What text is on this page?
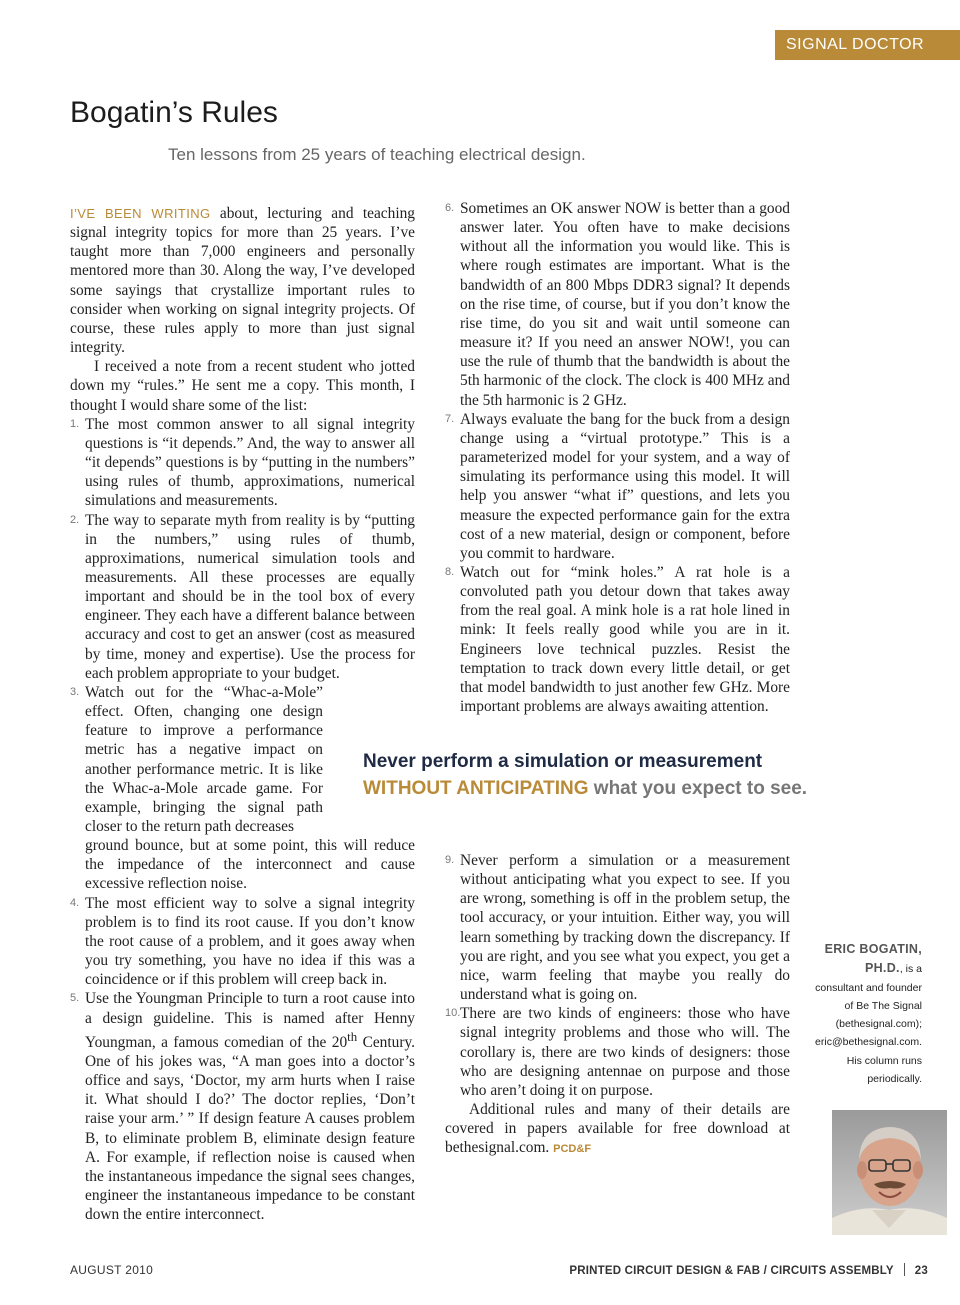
SIGNAL DOCTOR
Bogatin’s Rules
Ten lessons from 25 years of teaching electrical design.

I’VE BEEN WRITING about, lecturing and teaching signal integrity topics for more than 25 years. I’ve taught more than 7,000 engineers and personally mentored more than 30. Along the way, I’ve developed some sayings that crystallize important rules to consider when working on signal integrity projects. Of course, these rules apply to more than just signal integrity.

I received a note from a recent student who jotted down my “rules.” He sent me a copy. This month, I thought I would share some of the list:

1. The most common answer to all signal integrity questions is “it depends.” And, the way to answer all “it depends” questions is by “putting in the numbers” using rules of thumb, approximations, numerical simulations and measurements.
2. The way to separate myth from reality is by “putting in the numbers,” using rules of thumb, approximations, numerical simulation tools and measurements. All these processes are equally important and should be in the tool box of every engineer. They each have a different balance between accuracy and cost to get an answer (cost as measured by time, money and expertise). Use the process for each problem appropriate to your budget.
3. Watch out for the “Whac-a-Mole” effect. Often, changing one design feature to improve a performance metric has a negative impact on another performance metric. It is like the Whac-a-Mole arcade game. For example, bringing the signal path closer to the return path decreases
ground bounce, but at some point, this will reduce the impedance of the interconnect and cause excessive reflection noise.
4. The most efficient way to solve a signal integrity problem is to find its root cause. If you don’t know the root cause of a problem, and it goes away when you try something, you have no idea if this was a coincidence or if this problem will creep back in.
5. Use the Youngman Principle to turn a root cause into a design guideline. This is named after Henny Youngman, a famous comedian of the 20th Century. One of his jokes was, “A man goes into a doctor’s office and says, ‘Doctor, my arm hurts when I raise it. What should I do?’ The doctor replies, ‘Don’t raise your arm.’ ” If design feature A causes problem B, to eliminate problem B, eliminate design feature A. For example, if reflection noise is caused when the instantaneous impedance the signal sees changes, engineer the instantaneous impedance to be constant down the entire interconnect.
6. Sometimes an OK answer NOW is better than a good answer later. You often have to make decisions without all the information you would like. This is where rough estimates are important. What is the bandwidth of an 800 Mbps DDR3 signal? It depends on the rise time, of course, but if you don’t know the rise time, do you sit and wait until someone can measure it? If you need an answer NOW!, you can use the rule of thumb that the bandwidth is about the 5th harmonic of the clock. The clock is 400 MHz and the 5th harmonic is 2 GHz.
7. Always evaluate the bang for the buck from a design change using a “virtual prototype.” This is a parameterized model for your system, and a way of simulating its performance using this model. It will help you answer “what if” questions, and lets you measure the expected performance gain for the extra cost of a new material, design or component, before you commit to hardware.
8. Watch out for “mink holes.” A rat hole is a convoluted path you detour down that takes away from the real goal. A mink hole is a rat hole lined in mink: It feels really good while you are in it. Engineers love technical puzzles. Resist the temptation to track down every little detail, or get that model bandwidth to just another few GHz. More important problems are always awaiting attention.
Never perform a simulation or measurement
WITHOUT ANTICIPATING what you expect to see.
9. Never perform a simulation or a measurement without anticipating what you expect to see. If you are wrong, something is off in the problem setup, the tool accuracy, or your intuition. Either way, you will learn something by tracking down the discrepancy. If you are right, and you see what you expect, you get a nice, warm feeling that maybe you really do understand what is going on.
10. There are two kinds of engineers: those who have signal integrity problems and those who will. The corollary is, there are two kinds of designers: those who are designing antennae on purpose and those who aren’t doing it on purpose.

Additional rules and many of their details are covered in papers available for free download at bethesignal.com. PCD&F

ERIC BOGATIN, PH.D., is a consultant and founder of Be The Signal (bethesignal.com); eric@bethesignal.com. His column runs periodically.
AUGUST 2010	PRINTED CIRCUIT DESIGN & FAB / CIRCUITS ASSEMBLY 23
